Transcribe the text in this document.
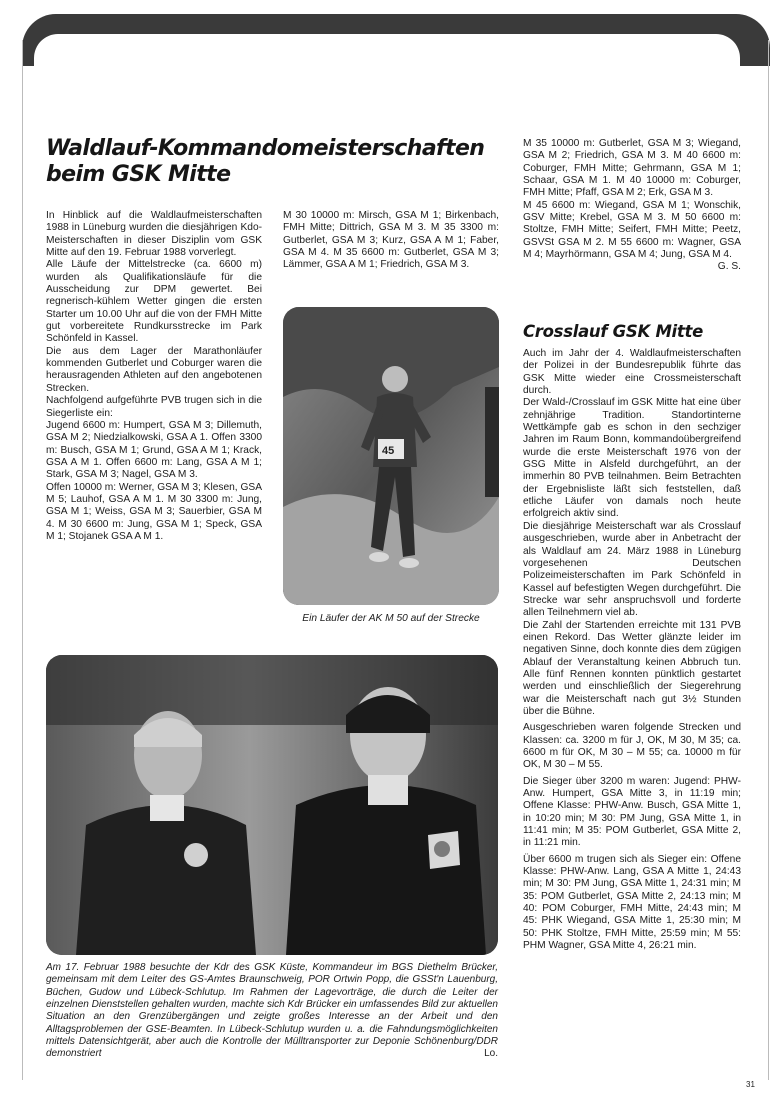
Waldlauf-Kommandomeisterschaften
beim GSK Mitte

In Hinblick auf die Waldlaufmeisterschaften 1988 in Lüneburg wurden die diesjährigen Kdo-Meisterschaften in dieser Disziplin vom GSK Mitte auf den 19. Februar 1988 vorverlegt.

Alle Läufe der Mittelstrecke (ca. 6600 m) wurden als Qualifikationsläufe für die Ausscheidung zur DPM gewertet. Bei regnerisch-kühlem Wetter gingen die ersten Starter um 10.00 Uhr auf die von der FMH Mitte gut vorbereitete Rundkursstrecke im Park Schönfeld in Kassel.

Die aus dem Lager der Marathonläufer kommenden Gutberlet und Coburger waren die herausragenden Athleten auf den angebotenen Strecken.

Nachfolgend aufgeführte PVB trugen sich in die Siegerliste ein:

Jugend 6600 m: Humpert, GSA M 3; Dillemuth, GSA M 2; Niedzialkowski, GSA A 1. Offen 3300 m: Busch, GSA M 1; Grund, GSA A M 1; Krack, GSA A M 1. Offen 6600 m: Lang, GSA A M 1; Stark, GSA M 3; Nagel, GSA M 3.

Offen 10000 m: Werner, GSA M 3; Klesen, GSA M 5; Lauhof, GSA A M 1. M 30 3300 m: Jung, GSA M 1; Weiss, GSA M 3; Sauerbier, GSA M 4. M 30 6600 m: Jung, GSA M 1; Speck, GSA M 1; Stojanek GSA A M 1.

M 30 10000 m: Mirsch, GSA M 1; Birkenbach, FMH Mitte; Dittrich, GSA M 3. M 35 3300 m: Gutberlet, GSA M 3; Kurz, GSA A M 1; Faber, GSA M 4. M 35 6600 m: Gutberlet, GSA M 3; Lämmer, GSA A M 1; Friedrich, GSA M 3.

45

Ein Läufer der AK M 50 auf der Strecke

M 35 10000 m: Gutberlet, GSA M 3; Wiegand, GSA M 2; Friedrich, GSA M 3. M 40 6600 m: Coburger, FMH Mitte; Gehrmann, GSA M 1; Schaar, GSA M 1. M 40 10000 m: Coburger, FMH Mitte; Pfaff, GSA M 2; Erk, GSA M 3.

M 45 6600 m: Wiegand, GSA M 1; Wonschik, GSV Mitte; Krebel, GSA M 3. M 50 6600 m: Stoltze, FMH Mitte; Seifert, FMH Mitte; Peetz, GSVSt GSA M 2. M 55 6600 m: Wagner, GSA M 4; Mayrhörmann, GSA M 4; Jung, GSA M 4.
G. S.

Crosslauf GSK Mitte

Auch im Jahr der 4. Waldlaufmeisterschaften der Polizei in der Bundesrepublik führte das GSK Mitte wieder eine Crossmeisterschaft durch.

Der Wald-/Crosslauf im GSK Mitte hat eine über zehnjährige Tradition. Standortinterne Wettkämpfe gab es schon in den sechziger Jahren im Raum Bonn, kommandoübergreifend wurde die erste Meisterschaft 1976 von der GSG Mitte in Alsfeld durchgeführt, an der immerhin 80 PVB teilnahmen. Beim Betrachten der Ergebnisliste läßt sich feststellen, daß etliche Läufer von damals noch heute erfolgreich aktiv sind.

Die diesjährige Meisterschaft war als Crosslauf ausgeschrieben, wurde aber in Anbetracht der als Waldlauf am 24. März 1988 in Lüneburg vorgesehenen Deutschen Polizeimeisterschaften im Park Schönfeld in Kassel auf befestigten Wegen durchgeführt. Die Strecke war sehr anspruchsvoll und forderte allen Teilnehmern viel ab.

Die Zahl der Startenden erreichte mit 131 PVB einen Rekord. Das Wetter glänzte leider im negativen Sinne, doch konnte dies dem zügigen Ablauf der Veranstaltung keinen Abbruch tun. Alle fünf Rennen konnten pünktlich gestartet werden und einschließlich der Siegerehrung war die Meisterschaft nach gut 3½ Stunden über die Bühne.

Ausgeschrieben waren folgende Strecken und Klassen: ca. 3200 m für J, OK, M 30, M 35; ca. 6600 m für OK, M 30 – M 55; ca. 10000 m für OK, M 30 – M 55.

Die Sieger über 3200 m waren: Jugend: PHW-Anw. Humpert, GSA Mitte 3, in 11:19 min; Offene Klasse: PHW-Anw. Busch, GSA Mitte 1, in 10:20 min; M 30: PM Jung, GSA Mitte 1, in 11:41 min; M 35: POM Gutberlet, GSA Mitte 2, in 11:21 min.

Über 6600 m trugen sich als Sieger ein: Offene Klasse: PHW-Anw. Lang, GSA A Mitte 1, 24:43 min; M 30: PM Jung, GSA Mitte 1, 24:31 min; M 35: POM Gutberlet, GSA Mitte 2, 24:13 min; M 40: POM Coburger, FMH Mitte, 24:43 min; M 45: PHK Wiegand, GSA Mitte 1, 25:30 min; M 50: PHK Stoltze, FMH Mitte, 25:59 min; M 55: PHM Wagner, GSA Mitte 4, 26:21 min.

Am 17. Februar 1988 besuchte der Kdr des GSK Küste, Kommandeur im BGS Diethelm Brücker, gemeinsam mit dem Leiter des GS-Amtes Braunschweig, POR Ortwin Popp, die GSSt'n Lauenburg, Büchen, Gudow und Lübeck-Schlutup. Im Rahmen der Lagevorträge, die durch die Leiter der einzelnen Dienststellen gehalten wurden, machte sich Kdr Brücker ein umfassendes Bild zur aktuellen Situation an den Grenzübergängen und zeigte großes Interesse an der Arbeit und den Alltagsproblemen der GSE-Beamten. In Lübeck-Schlutup wurden u. a. die Fahndungsmöglichkeiten mittels Datensichtgerät, aber auch die Kontrolle der Mülltransporter zur Deponie Schönenburg/DDR demonstriert	Lo.

31
